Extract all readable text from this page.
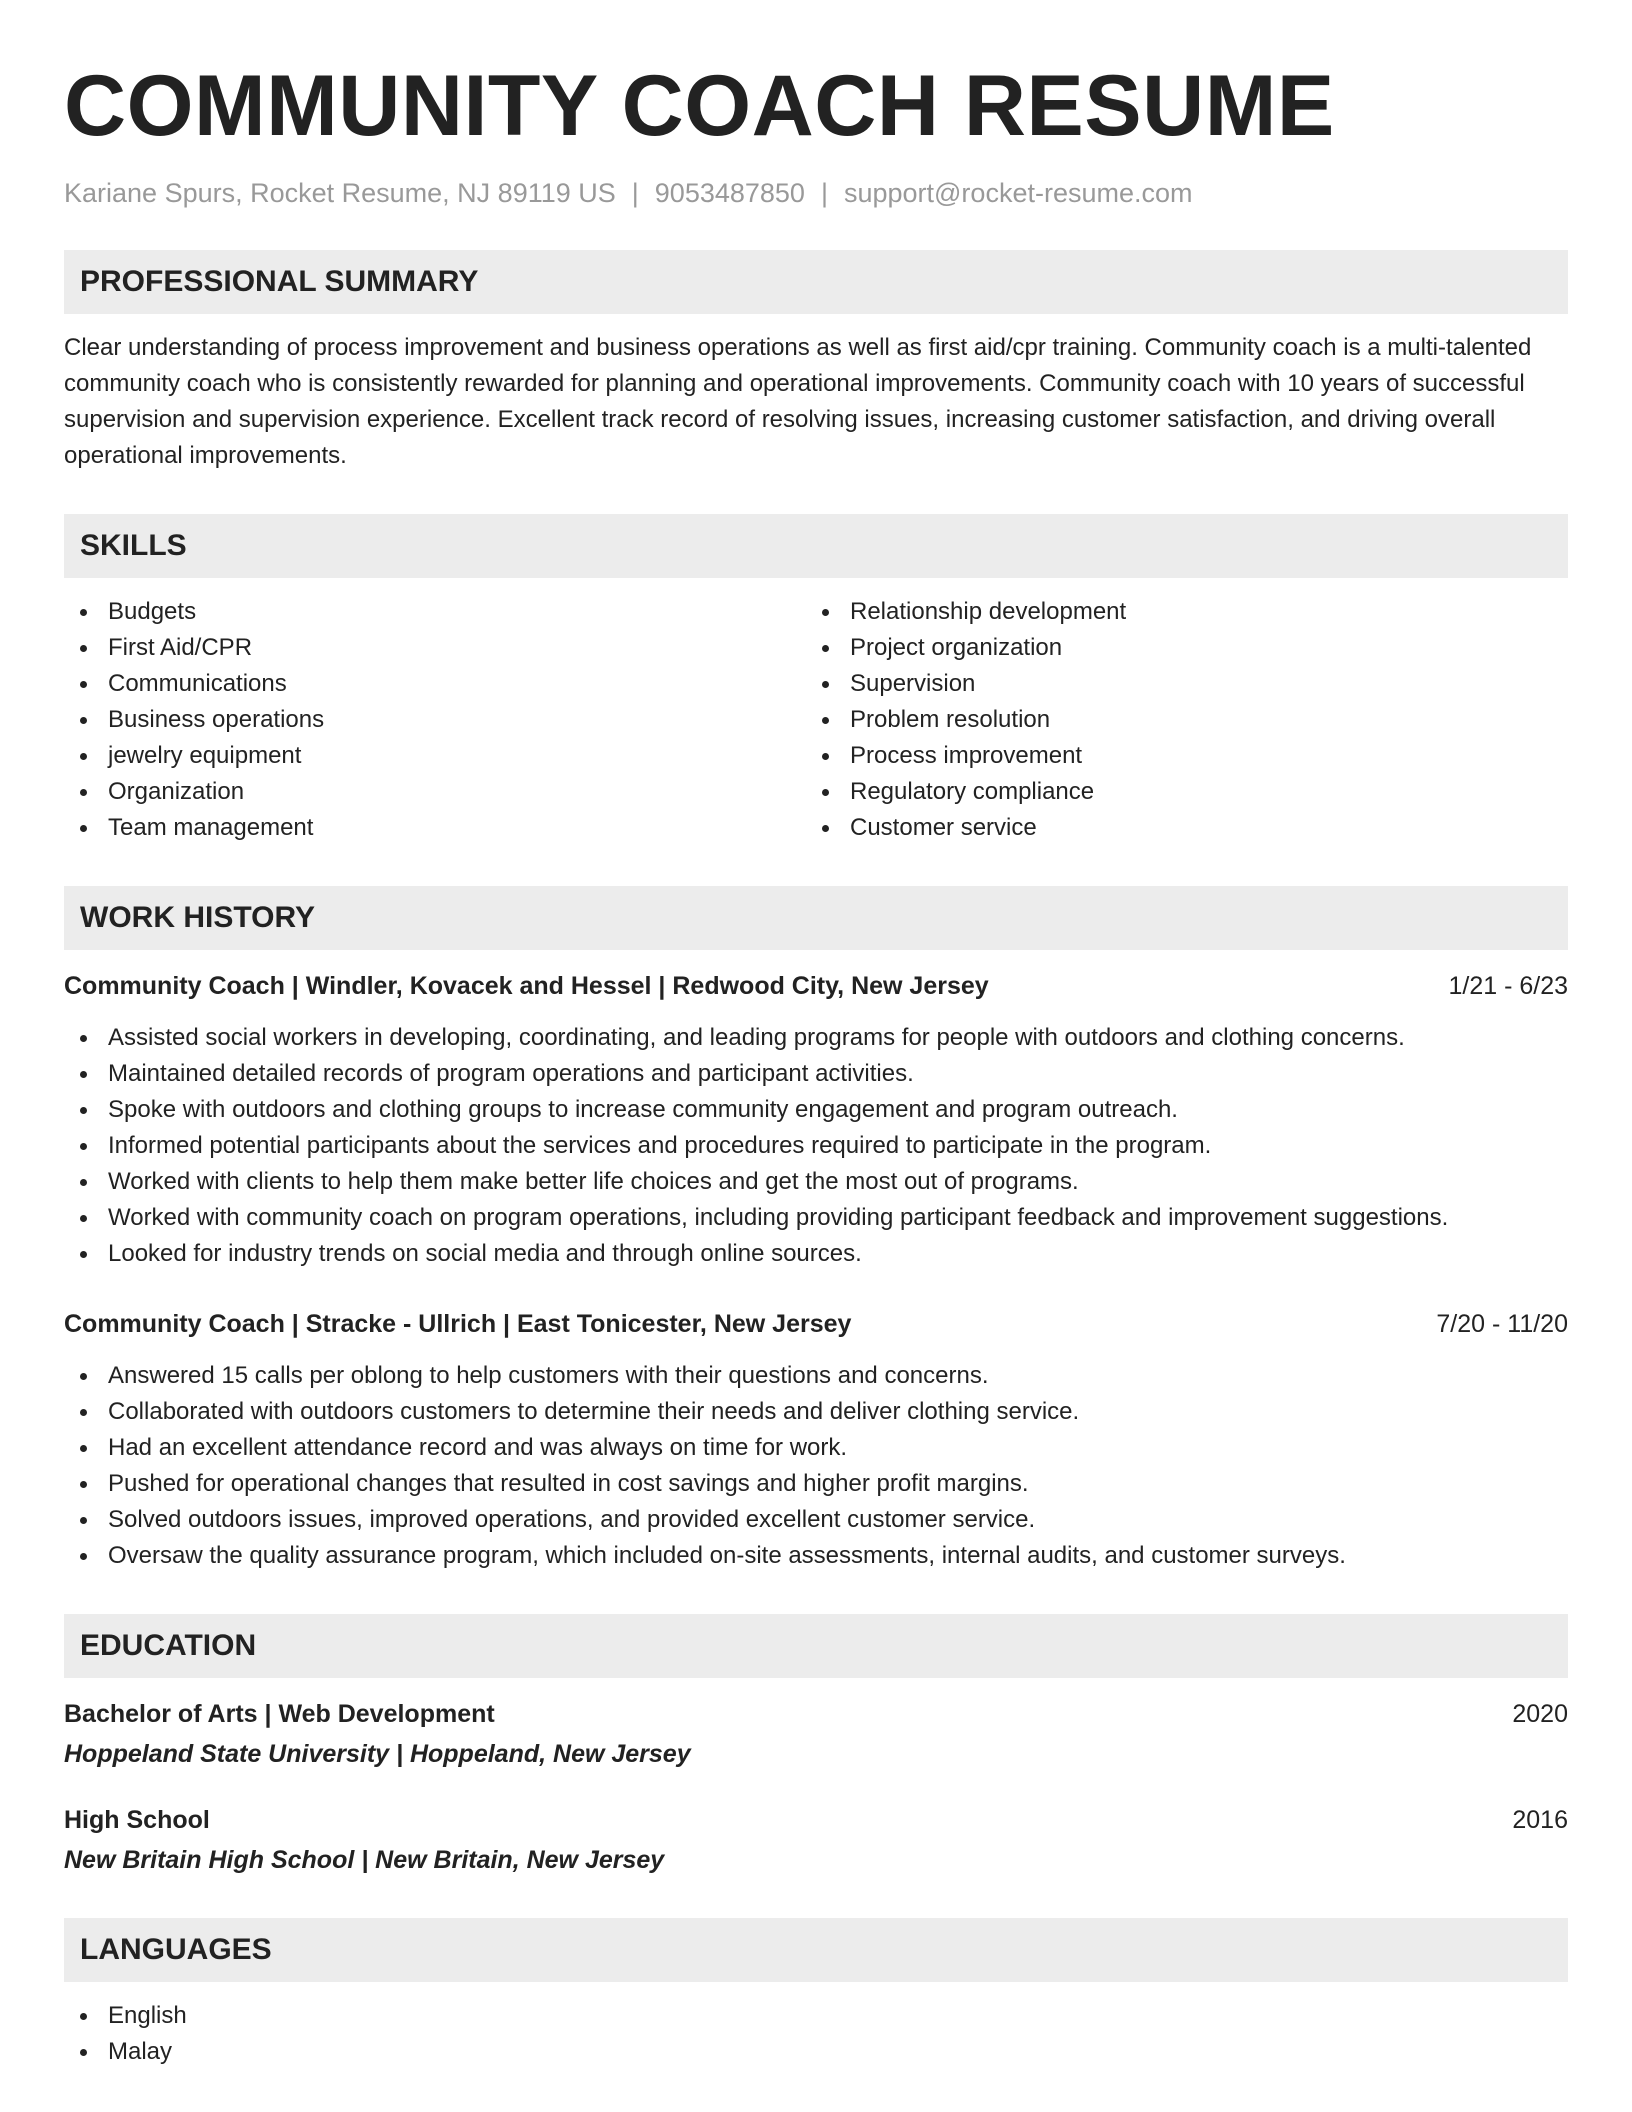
COMMUNITY COACH RESUME
Kariane Spurs, Rocket Resume, NJ 89119 US | 9053487850 | support@rocket-resume.com
PROFESSIONAL SUMMARY

Clear understanding of process improvement and business operations as well as first aid/cpr training. Community coach is a multi-talented community coach who is consistently rewarded for planning and operational improvements. Community coach with 10 years of successful supervision and supervision experience. Excellent track record of resolving issues, increasing customer satisfaction, and driving overall operational improvements.

SKILLS
Budgets
First Aid/CPR
Communications
Business operations
jewelry equipment
Organization
Team management
Relationship development
Project organization
Supervision
Problem resolution
Process improvement
Regulatory compliance
Customer service
WORK HISTORY
Community Coach | Windler, Kovacek and Hessel | Redwood City, New Jersey	1/21 - 6/23
Assisted social workers in developing, coordinating, and leading programs for people with outdoors and clothing concerns.
Maintained detailed records of program operations and participant activities.
Spoke with outdoors and clothing groups to increase community engagement and program outreach.
Informed potential participants about the services and procedures required to participate in the program.
Worked with clients to help them make better life choices and get the most out of programs.
Worked with community coach on program operations, including providing participant feedback and improvement suggestions.
Looked for industry trends on social media and through online sources.
Community Coach | Stracke - Ullrich | East Tonicester, New Jersey	7/20 - 11/20
Answered 15 calls per oblong to help customers with their questions and concerns.
Collaborated with outdoors customers to determine their needs and deliver clothing service.
Had an excellent attendance record and was always on time for work.
Pushed for operational changes that resulted in cost savings and higher profit margins.
Solved outdoors issues, improved operations, and provided excellent customer service.
Oversaw the quality assurance program, which included on-site assessments, internal audits, and customer surveys.
EDUCATION
Bachelor of Arts | Web Development	2020
Hoppeland State University | Hoppeland, New Jersey
High School	2016
New Britain High School | New Britain, New Jersey
LANGUAGES
English
Malay
